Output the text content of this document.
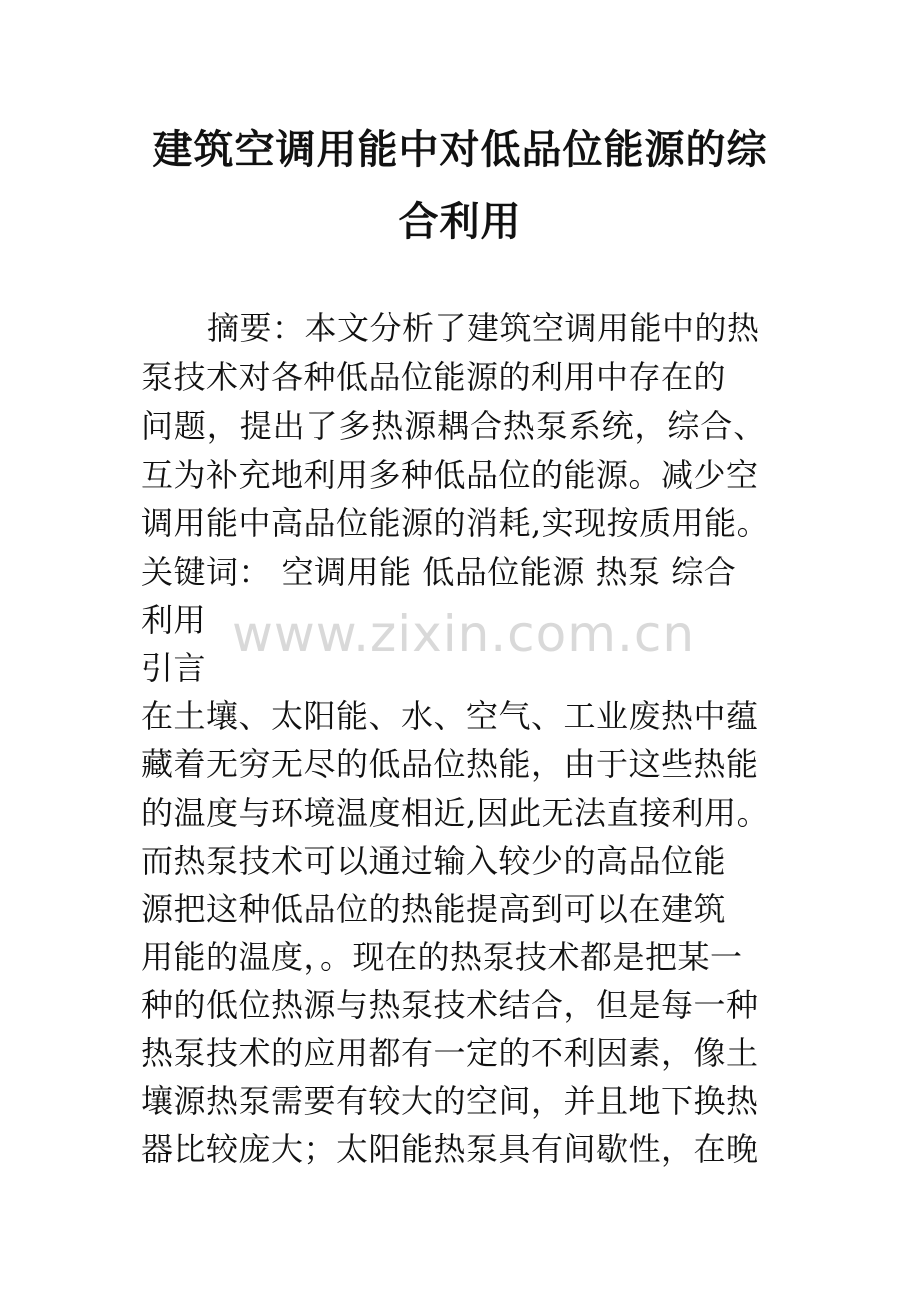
建筑空调用能中对低品位能源的综
合利用
www.zixin.com.cn
摘要：本文分析了建筑空调用能中的热
泵技术对各种低品位能源的利用中存在的
问题，提出了多热源耦合热泵系统，综合、
互为补充地利用多种低品位的能源。减少空
调用能中高品位能源的消耗,实现按质用能。
关键词： 空调用能 低品位能源 热泵 综合
利用
引言
在土壤、太阳能、水、空气、工业废热中蕴
藏着无穷无尽的低品位热能，由于这些热能
的温度与环境温度相近,因此无法直接利用。
而热泵技术可以通过输入较少的高品位能
源把这种低品位的热能提高到可以在建筑
用能的温度，。现在的热泵技术都是把某一
种的低位热源与热泵技术结合，但是每一种
热泵技术的应用都有一定的不利因素，像土
壤源热泵需要有较大的空间，并且地下换热
器比较庞大；太阳能热泵具有间歇性，在晚
